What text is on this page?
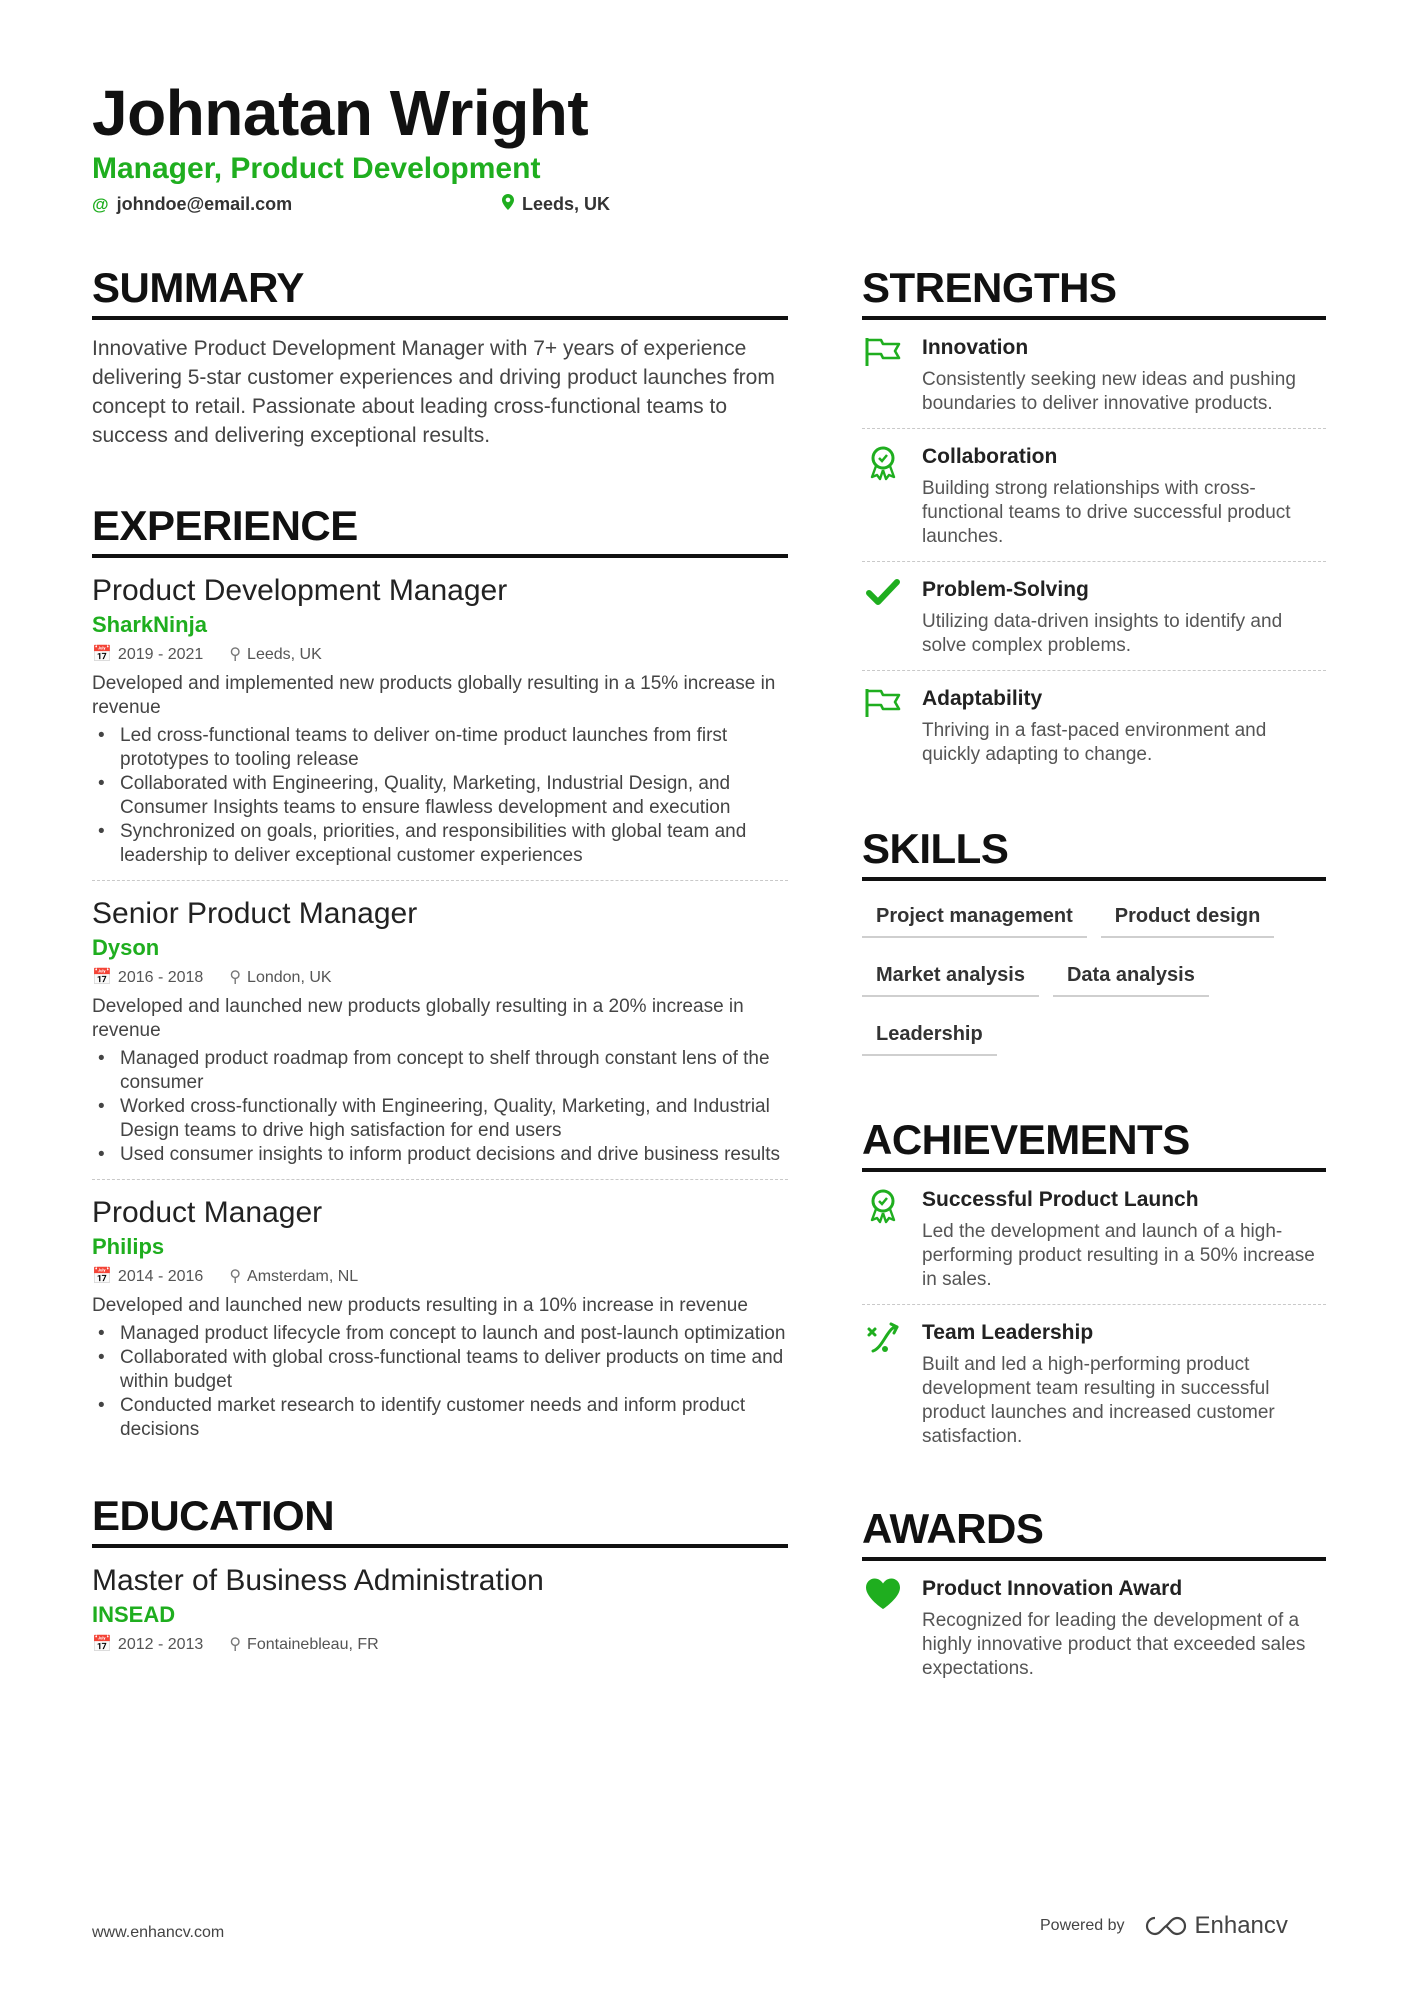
Johnatan Wright
Manager, Product Development
@ johndoe@email.com	Leeds, UK
SUMMARY
Innovative Product Development Manager with 7+ years of experience delivering 5-star customer experiences and driving product launches from concept to retail. Passionate about leading cross-functional teams to success and delivering exceptional results.
EXPERIENCE
Product Development Manager
SharkNinja
📅 2019 - 2021 ⚲ Leeds, UK
Developed and implemented new products globally resulting in a 15% increase in revenue
• Led cross-functional teams to deliver on-time product launches from first prototypes to tooling release
• Collaborated with Engineering, Quality, Marketing, Industrial Design, and Consumer Insights teams to ensure flawless development and execution
• Synchronized on goals, priorities, and responsibilities with global team and leadership to deliver exceptional customer experiences
Senior Product Manager
Dyson
📅 2016 - 2018 ⚲ London, UK
Developed and launched new products globally resulting in a 20% increase in revenue
• Managed product roadmap from concept to shelf through constant lens of the consumer
• Worked cross-functionally with Engineering, Quality, Marketing, and Industrial Design teams to drive high satisfaction for end users
• Used consumer insights to inform product decisions and drive business results
Product Manager
Philips
📅 2014 - 2016 ⚲ Amsterdam, NL
Developed and launched new products resulting in a 10% increase in revenue
• Managed product lifecycle from concept to launch and post-launch optimization
• Collaborated with global cross-functional teams to deliver products on time and within budget
• Conducted market research to identify customer needs and inform product decisions
EDUCATION
Master of Business Administration
INSEAD
📅 2012 - 2013 ⚲ Fontainebleau, FR
STRENGTHS
Innovation
Consistently seeking new ideas and pushing boundaries to deliver innovative products.
Collaboration
Building strong relationships with cross-functional teams to drive successful product launches.
Problem-Solving
Utilizing data-driven insights to identify and solve complex problems.
Adaptability
Thriving in a fast-paced environment and quickly adapting to change.
SKILLS
Project management	Product design
Market analysis	Data analysis
Leadership
ACHIEVEMENTS
Successful Product Launch
Led the development and launch of a high-performing product resulting in a 50% increase in sales.
Team Leadership
Built and led a high-performing product development team resulting in successful product launches and increased customer satisfaction.
AWARDS
Product Innovation Award
Recognized for leading the development of a highly innovative product that exceeded sales expectations.
www.enhancv.com	Powered by	Enhancv
